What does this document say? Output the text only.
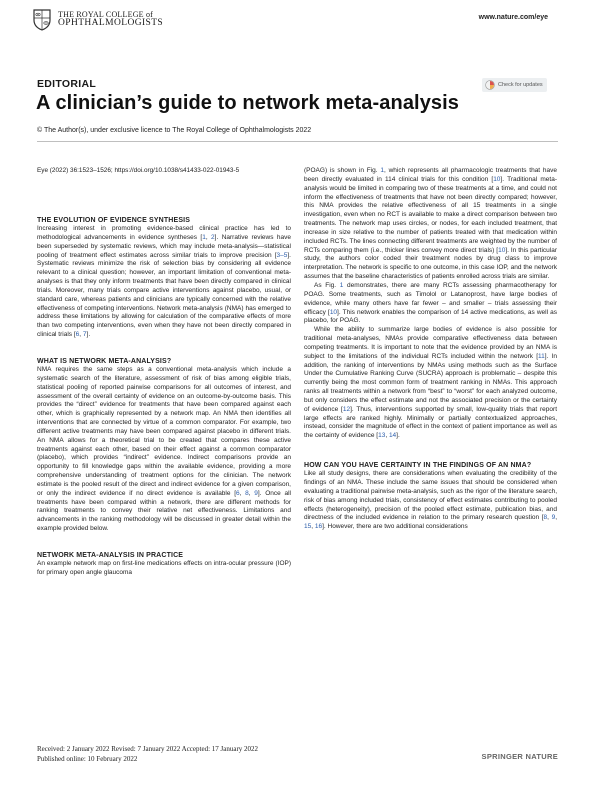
THE ROYAL COLLEGE of
OPHTHALMOLOGISTS
www.nature.com/eye
EDITORIAL
A clinician’s guide to network meta-analysis
Check for updates
© The Author(s), under exclusive licence to The Royal College of Ophthalmologists 2022
Eye (2022) 36:1523–1526; https://doi.org/10.1038/s41433-022-01943-5
THE EVOLUTION OF EVIDENCE SYNTHESIS

Increasing interest in promoting evidence-based clinical practice has led to methodological advancements in evidence syntheses [1, 2]. Narrative reviews have been superseded by systematic reviews, which may include meta-analysis—statistical pooling of treatment effect estimates across similar trials to improve precision [3–5]. Systematic reviews minimize the risk of selection bias by considering all evidence relevant to a clinical question; however, an important limitation of conventional meta-analyses is that they only inform treatments that have been directly compared in clinical trials. Moreover, many trials compare active interventions against placebo, usual, or standard care, whereas patients and clinicians are typically concerned with the relative effectiveness of competing interventions. Network meta-analysis (NMA) has emerged to address these limitations by allowing for calculation of the comparative effects of more than two competing interventions, even when they have not been directly compared in clinical trials [6, 7].

WHAT IS NETWORK META-ANALYSIS?

NMA requires the same steps as a conventional meta-analysis which include a systematic search of the literature, assessment of risk of bias among eligible trials, statistical pooling of reported pairwise comparisons for all outcomes of interest, and assessment of the overall certainty of evidence on an outcome-by-outcome basis. This provides the “direct” evidence for treatments that have been compared against each other, which is graphically represented by a network map. An NMA then identifies all interventions that are connected by virtue of a common comparator. For example, two different active treatments may have been compared against placebo in different trials. An NMA allows for a theoretical trial to be created that compares these active treatments against each other, based on their effect against a common comparator (placebo), which provides “indirect” evidence. Indirect comparisons provide an opportunity to fill knowledge gaps within the available evidence, providing a more comprehensive understanding of treatment options for the clinician. The network estimate is the pooled result of the direct and indirect evidence for a given comparison, or only the indirect evidence if no direct evidence is available [6, 8, 9]. Once all treatments have been compared within a network, there are different methods for ranking treatments to convey their relative net effectiveness. Limitations and advancements in the ranking methodology will be discussed in greater detail within the example provided below.

NETWORK META-ANALYSIS IN PRACTICE

An example network map on first-line medications effects on intra-ocular pressure (IOP) for primary open angle glaucoma

(POAG) is shown in Fig. 1, which represents all pharmacologic treatments that have been directly evaluated in 114 clinical trials for this condition [10]. Traditional meta-analysis would be limited in comparing two of these treatments at a time, and could not inform the effectiveness of treatments that have not been directly compared; however, this NMA provides the relative effectiveness of all 15 treatments in a single investigation, even when no RCT is available to make a direct comparison between two treatments. The network map uses circles, or nodes, for each included treatment, that increase in size relative to the number of patients treated with that medication within included RCTs. The lines connecting different treatments are weighted by the number of RCTs comparing them (i.e., thicker lines convey more direct trials) [10]. In this particular study, the authors color coded their treatment nodes by drug class to improve interpretation. The network is specific to one outcome, in this case IOP, and the network assumes that the baseline characteristics of patients enrolled across trials are similar.

As Fig. 1 demonstrates, there are many RCTs assessing pharmacotherapy for POAG. Some treatments, such as Timolol or Latanoprost, have large bodies of evidence, while many others have far fewer – and smaller – trials assessing their efficacy [10]. This network enables the comparison of 14 active medications, as well as placebo, for POAG.

While the ability to summarize large bodies of evidence is also possible for traditional meta-analyses, NMAs provide comparative effectiveness data between competing treatments. It is important to note that the evidence provided by an NMA is subject to the limitations of the individual RCTs included within the network [11]. In addition, the ranking of interventions by NMAs using methods such as the Surface Under the Cumulative Ranking Curve (SUCRA) approach is problematic – despite this currently being the most common form of treatment ranking in NMAs. This approach ranks all treatments within a network from “best” to “worst” for each analyzed outcome, but only considers the effect estimate and not the associated precision or the certainty of evidence [12]. Thus, interventions supported by small, low-quality trials that report large effects are ranked highly. Minimally or partially contextualized approaches, instead, consider the magnitude of effect in the context of patient importance as well as the certainty of evidence [13, 14].

HOW CAN YOU HAVE CERTAINTY IN THE FINDINGS OF AN NMA?

Like all study designs, there are considerations when evaluating the credibility of the findings of an NMA. These include the same issues that should be considered when evaluating a traditional pairwise meta-analysis, such as the rigor of the literature search, risk of bias among included trials, consistency of effect estimates contributing to pooled effects (heterogeneity), precision of the pooled effect estimate, publication bias, and directness of the included evidence in relation to the primary research question [8, 9, 15, 16]. However, there are two additional considerations

Received: 2 January 2022 Revised: 7 January 2022 Accepted: 17 January 2022
Published online: 10 February 2022	SPRINGER NATURE
